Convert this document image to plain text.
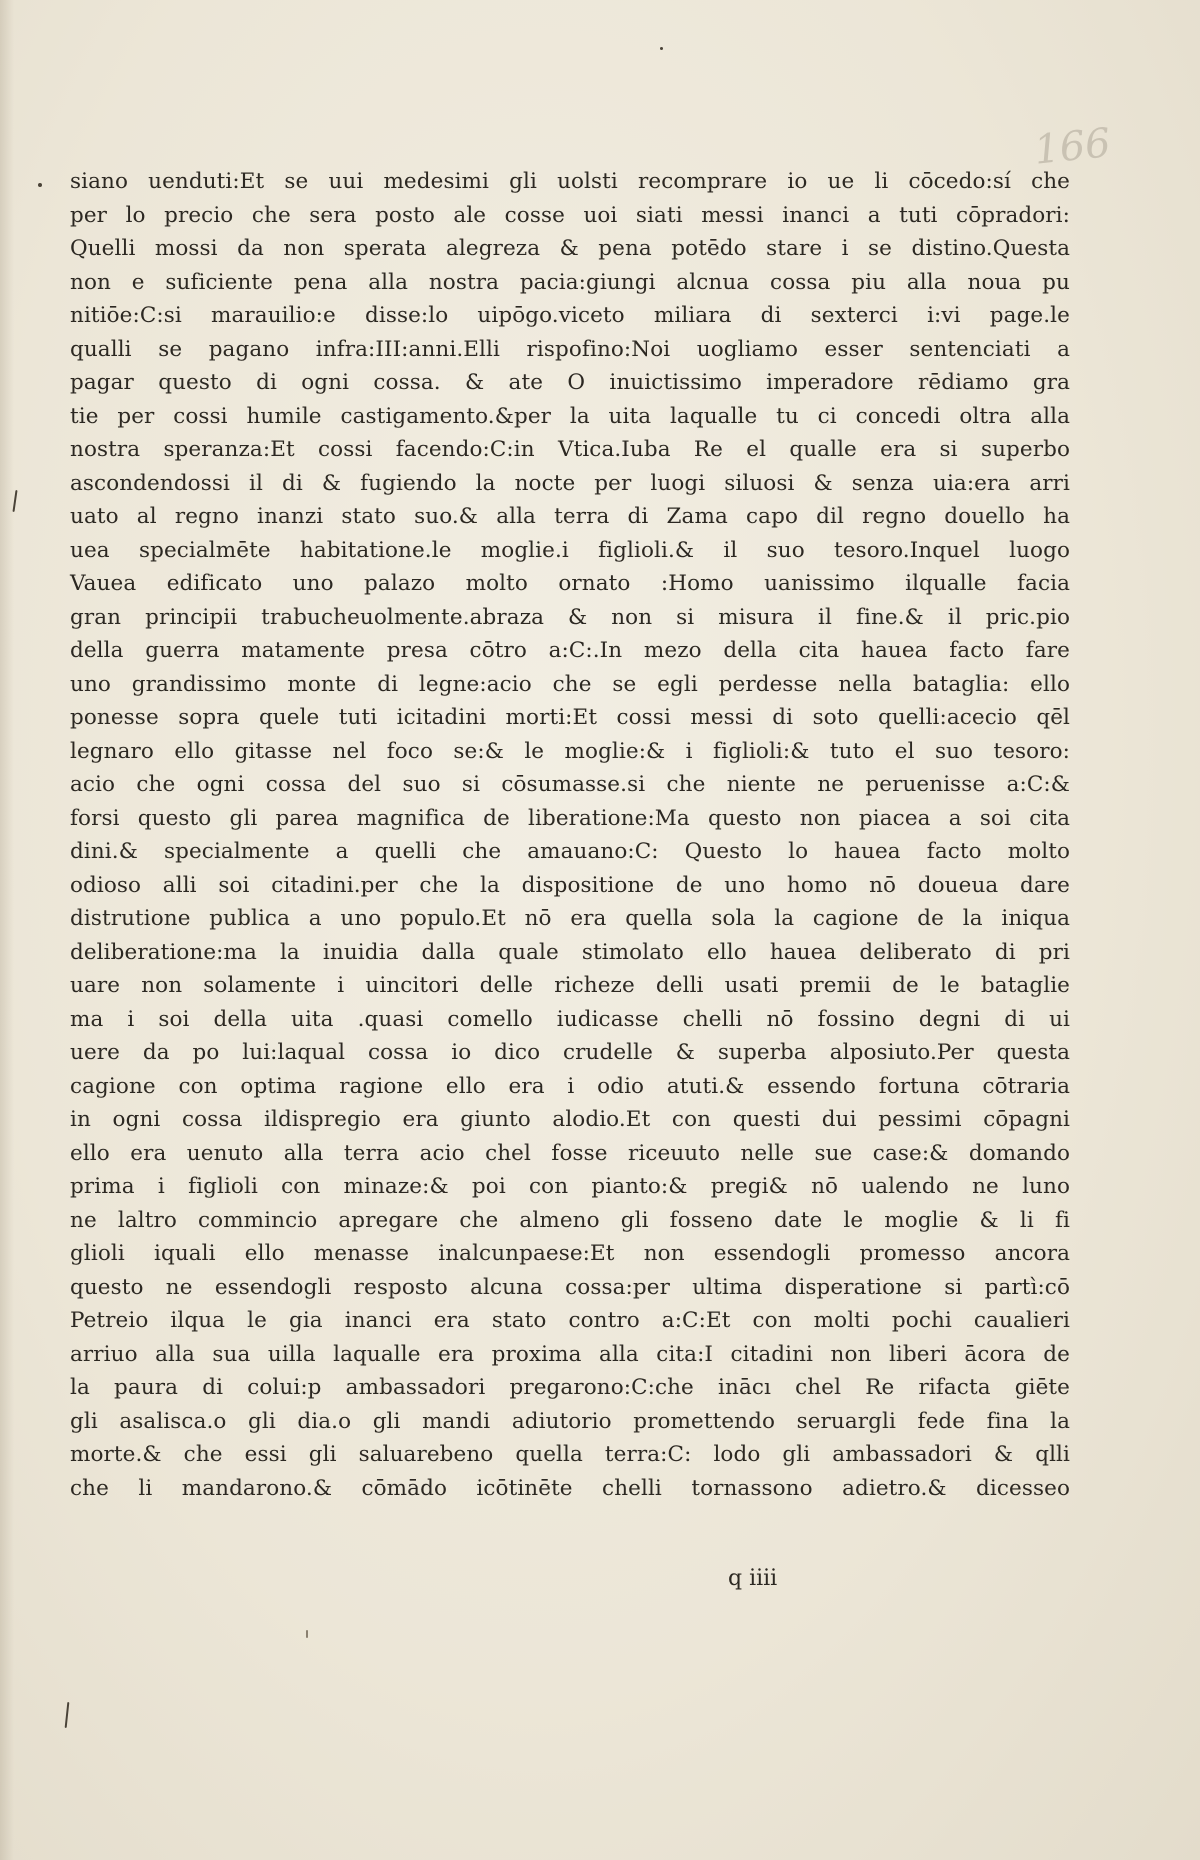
166
siano uenduti:Et se uui medesimi gli uolsti recomprare io ue li cōcedo:sí che
per lo precio che sera posto ale cosse uoi siati messi inanci a tuti cōpradori:
Quelli mossi da non sperata alegreza & pena potēdo stare i se distino.Questa
non e suficiente pena alla nostra pacia:giungi alcnua cossa piu alla noua pu
nitiōe:C:si marauilio:e disse:lo uipōgo.viceto miliara di sexterci i:vi page.le
qualli se pagano infra:III:anni.Elli rispofino:Noi uogliamo esser sentenciati a
pagar questo di ogni cossa. & ate O inuictissimo imperadore rēdiamo gra
tie per cossi humile castigamento.&per la uita laqualle tu ci concedi oltra alla
nostra speranza:Et cossi facendo:C:in Vtica.Iuba Re el qualle era si superbo
ascondendossi il di & fugiendo la nocte per luogi siluosi & senza uia:era arri
uato al regno inanzi stato suo.& alla terra di Zama capo dil regno douello ha
uea specialmēte habitatione.le moglie.i figlioli.& il suo tesoro.Inquel luogo
Vauea edificato uno palazo molto ornato :Homo uanissimo ilqualle facia
gran principii trabucheuolmente.abraza & non si misura il fine.& il pric.pio
della guerra matamente presa cōtro a:C:.In mezo della cita hauea facto fare
uno grandissimo monte di legne:acio che se egli perdesse nella bataglia: ello
ponesse sopra quele tuti icitadini morti:Et cossi messi di soto quelli:acecio qēl
legnaro ello gitasse nel foco se:& le moglie:& i figlioli:& tuto el suo tesoro:
acio che ogni cossa del suo si cōsumasse.si che niente ne peruenisse a:C:&
forsi questo gli parea magnifica de liberatione:Ma questo non piacea a soi cita
dini.& specialmente a quelli che amauano:C: Questo lo hauea facto molto
odioso alli soi citadini.per che la dispositione de uno homo nō doueua dare
distrutione publica a uno populo.Et nō era quella sola la cagione de la iniqua
deliberatione:ma la inuidia dalla quale stimolato ello hauea deliberato di pri
uare non solamente i uincitori delle richeze delli usati premii de le bataglie
ma i soi della uita .quasi comello iudicasse chelli nō fossino degni di ui
uere da po lui:laqual cossa io dico crudelle & superba alposiuto.Per questa
cagione con optima ragione ello era i odio atuti.& essendo fortuna cōtraria
in ogni cossa ildispregio era giunto alodio.Et con questi dui pessimi cōpagni
ello era uenuto alla terra acio chel fosse riceuuto nelle sue case:& domando
prima i figlioli con minaze:& poi con pianto:& pregi& nō ualendo ne luno
ne laltro commincio apregare che almeno gli fosseno date le moglie & li fi
glioli iquali ello menasse inalcunpaese:Et non essendogli promesso ancora
questo ne essendogli resposto alcuna cossa:per ultima disperatione si partì:cō
Petreio ilqua le gia inanci era stato contro a:C:Et con molti pochi caualieri
arriuo alla sua uilla laqualle era proxima alla cita:I citadini non liberi ācora de
la paura di colui:p ambassadori pregarono:C:che inācı chel Re rifacta giēte
gli asalisca.o gli dia.o gli mandi adiutorio promettendo seruargli fede fina la
morte.& che essi gli saluarebeno quella terra:C: lodo gli ambassadori & qlli
che li mandarono.& cōmādo icōtinēte chelli tornassono adietro.& dicesseo
q iiii
